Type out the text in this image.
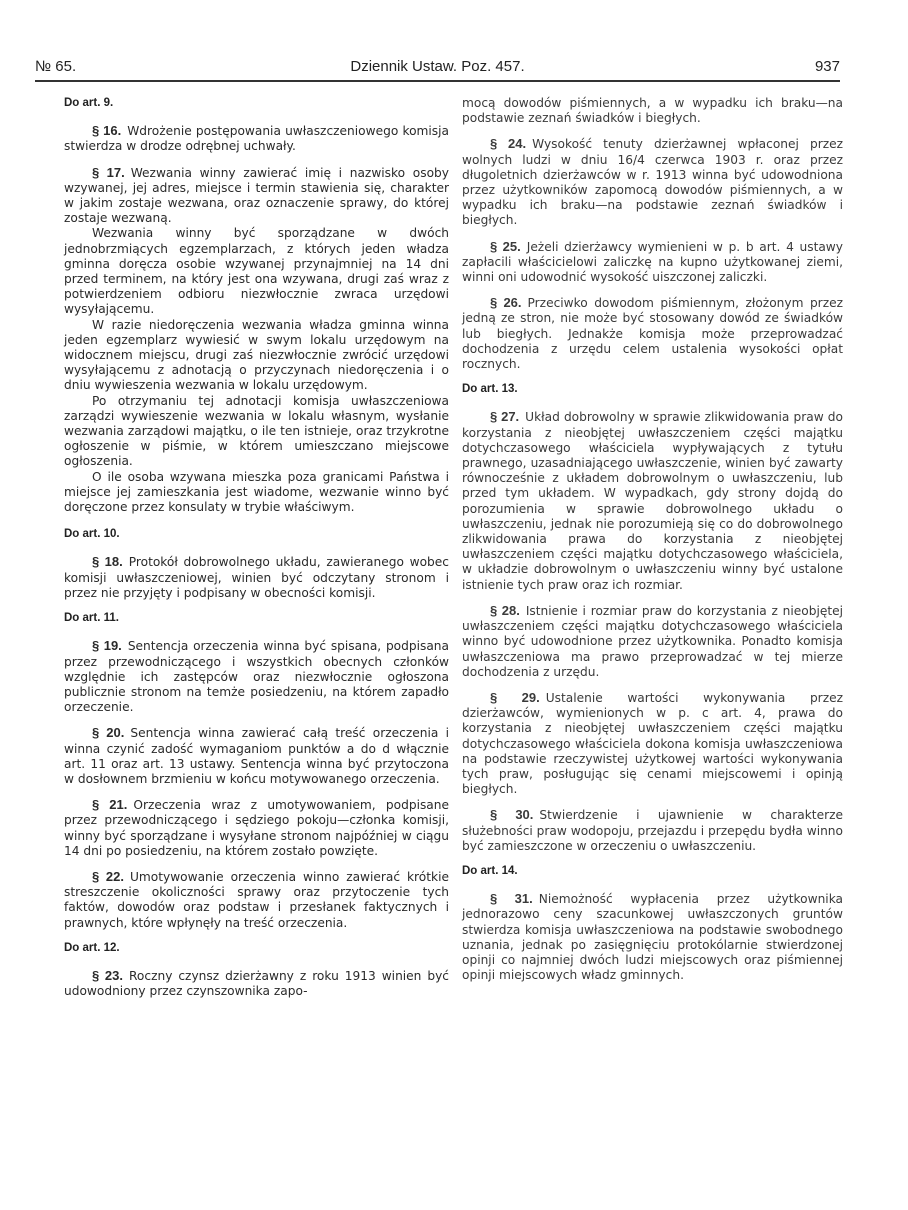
№ 65.	Dziennik Ustaw. Poz. 457.	937
Do art. 9.

§ 16. Wdrożenie postępowania uwłaszczeniowego komisja stwierdza w drodze odrębnej uchwały.

§ 17. Wezwania winny zawierać imię i nazwisko osoby wzywanej, jej adres, miejsce i termin stawienia się, charakter w jakim zostaje wezwana, oraz oznaczenie sprawy, do której zostaje wezwaną.

Wezwania winny być sporządzane w dwóch jednobrzmiących egzemplarzach, z których jeden władza gminna doręcza osobie wzywanej przynajmniej na 14 dni przed terminem, na który jest ona wzywana, drugi zaś wraz z potwierdzeniem odbioru niezwłocznie zwraca urzędowi wysyłającemu.

W razie niedoręczenia wezwania władza gminna winna jeden egzemplarz wywiesić w swym lokalu urzędowym na widocznem miejscu, drugi zaś niezwłocznie zwrócić urzędowi wysyłającemu z adnotacją o przyczynach niedoręczenia i o dniu wywieszenia wezwania w lokalu urzędowym.

Po otrzymaniu tej adnotacji komisja uwłaszczeniowa zarządzi wywieszenie wezwania w lokalu własnym, wysłanie wezwania zarządowi majątku, o ile ten istnieje, oraz trzykrotne ogłoszenie w piśmie, w którem umieszczano miejscowe ogłoszenia.

O ile osoba wzywana mieszka poza granicami Państwa i miejsce jej zamieszkania jest wiadome, wezwanie winno być doręczone przez konsulaty w trybie właściwym.

Do art. 10.

§ 18. Protokół dobrowolnego układu, zawieranego wobec komisji uwłaszczeniowej, winien być odczytany stronom i przez nie przyjęty i podpisany w obecności komisji.

Do art. 11.

§ 19. Sentencja orzeczenia winna być spisana, podpisana przez przewodniczącego i wszystkich obecnych członków względnie ich zastępców oraz niezwłocznie ogłoszona publicznie stronom na temże posiedzeniu, na którem zapadło orzeczenie.

§ 20. Sentencja winna zawierać całą treść orzeczenia i winna czynić zadość wymaganiom punktów a do d włącznie art. 11 oraz art. 13 ustawy. Sentencja winna być przytoczona w dosłownem brzmieniu w końcu motywowanego orzeczenia.

§ 21. Orzeczenia wraz z umotywowaniem, podpisane przez przewodniczącego i sędziego pokoju—członka komisji, winny być sporządzane i wysyłane stronom najpóźniej w ciągu 14 dni po posiedzeniu, na którem zostało powzięte.

§ 22. Umotywowanie orzeczenia winno zawierać krótkie streszczenie okoliczności sprawy oraz przytoczenie tych faktów, dowodów oraz podstaw i przesłanek faktycznych i prawnych, które wpłynęły na treść orzeczenia.

Do art. 12.

§ 23. Roczny czynsz dzierżawny z roku 1913 winien być udowodniony przez czynszownika zapo-

mocą dowodów piśmiennych, a w wypadku ich braku—na podstawie zeznań świadków i biegłych.

§ 24. Wysokość tenuty dzierżawnej wpłaconej przez wolnych ludzi w dniu 16/4 czerwca 1903 r. oraz przez długoletnich dzierżawców w r. 1913 winna być udowodniona przez użytkowników zapomocą dowodów piśmiennych, a w wypadku ich braku—na podstawie zeznań świadków i biegłych.

§ 25. Jeżeli dzierżawcy wymienieni w p. b art. 4 ustawy zapłacili właścicielowi zaliczkę na kupno użytkowanej ziemi, winni oni udowodnić wysokość uiszczonej zaliczki.

§ 26. Przeciwko dowodom piśmiennym, złożonym przez jedną ze stron, nie może być stosowany dowód ze świadków lub biegłych. Jednakże komisja może przeprowadzać dochodzenia z urzędu celem ustalenia wysokości opłat rocznych.

Do art. 13.

§ 27. Układ dobrowolny w sprawie zlikwidowania praw do korzystania z nieobjętej uwłaszczeniem części majątku dotychczasowego właściciela wypływających z tytułu prawnego, uzasadniającego uwłaszczenie, winien być zawarty równocześnie z układem dobrowolnym o uwłaszczeniu, lub przed tym układem. W wypadkach, gdy strony dojdą do porozumienia w sprawie dobrowolnego układu o uwłaszczeniu, jednak nie porozumieją się co do dobrowolnego zlikwidowania prawa do korzystania z nieobjętej uwłaszczeniem części majątku dotychczasowego właściciela, w układzie dobrowolnym o uwłaszczeniu winny być ustalone istnienie tych praw oraz ich rozmiar.

§ 28. Istnienie i rozmiar praw do korzystania z nieobjętej uwłaszczeniem części majątku dotychczasowego właściciela winno być udowodnione przez użytkownika. Ponadto komisja uwłaszczeniowa ma prawo przeprowadzać w tej mierze dochodzenia z urzędu.

§ 29. Ustalenie wartości wykonywania przez dzierżawców, wymienionych w p. c art. 4, prawa do korzystania z nieobjętej uwłaszczeniem części majątku dotychczasowego właściciela dokona komisja uwłaszczeniowa na podstawie rzeczywistej użytkowej wartości wykonywania tych praw, posługując się cenami miejscowemi i opinją biegłych.

§ 30. Stwierdzenie i ujawnienie w charakterze służebności praw wodopoju, przejazdu i przepędu bydła winno być zamieszczone w orzeczeniu o uwłaszczeniu.

Do art. 14.

§ 31. Niemożność wypłacenia przez użytkownika jednorazowo ceny szacunkowej uwłaszczonych gruntów stwierdza komisja uwłaszczeniowa na podstawie swobodnego uznania, jednak po zasięgnięciu protokólarnie stwierdzonej opinji co najmniej dwóch ludzi miejscowych oraz piśmiennej opinji miejscowych władz gminnych.
